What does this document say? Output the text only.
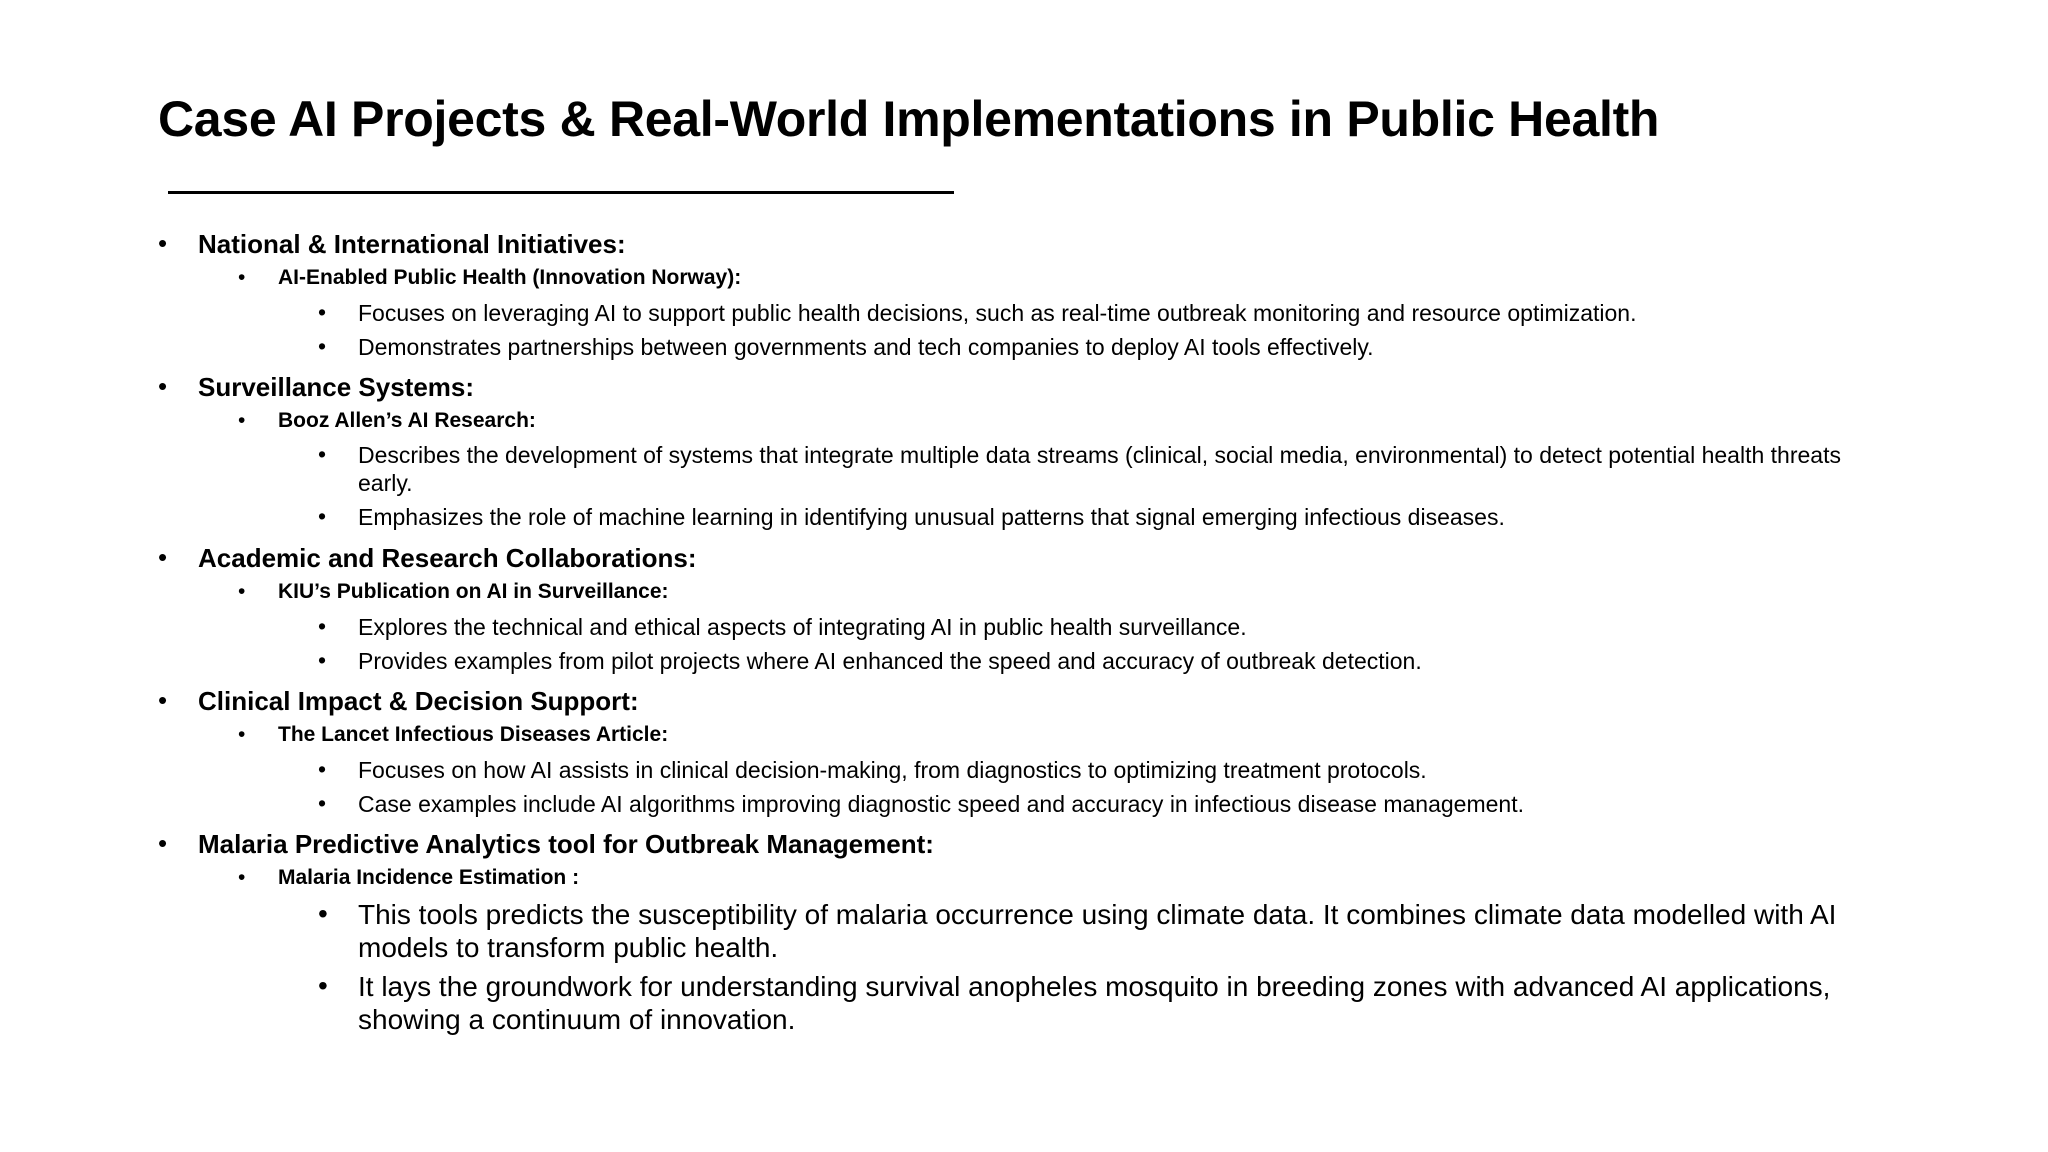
Case AI Projects & Real-World Implementations in Public Health
• National & International Initiatives:
• AI-Enabled Public Health (Innovation Norway):
• Focuses on leveraging AI to support public health decisions, such as real-time outbreak monitoring and resource optimization.
• Demonstrates partnerships between governments and tech companies to deploy AI tools effectively.
• Surveillance Systems:
• Booz Allen’s AI Research:
• Describes the development of systems that integrate multiple data streams (clinical, social media, environmental) to detect potential health threats early.
• Emphasizes the role of machine learning in identifying unusual patterns that signal emerging infectious diseases.
• Academic and Research Collaborations:
• KIU’s Publication on AI in Surveillance:
• Explores the technical and ethical aspects of integrating AI in public health surveillance.
• Provides examples from pilot projects where AI enhanced the speed and accuracy of outbreak detection.
• Clinical Impact & Decision Support:
• The Lancet Infectious Diseases Article:
• Focuses on how AI assists in clinical decision-making, from diagnostics to optimizing treatment protocols.
• Case examples include AI algorithms improving diagnostic speed and accuracy in infectious disease management.
• Malaria Predictive Analytics tool for Outbreak Management:
• Malaria Incidence Estimation :
• This tools predicts the susceptibility of malaria occurrence using climate data. It combines climate data modelled with AI models to transform public health.
• It lays the groundwork for understanding survival anopheles mosquito in breeding zones with advanced AI applications, showing a continuum of innovation.
